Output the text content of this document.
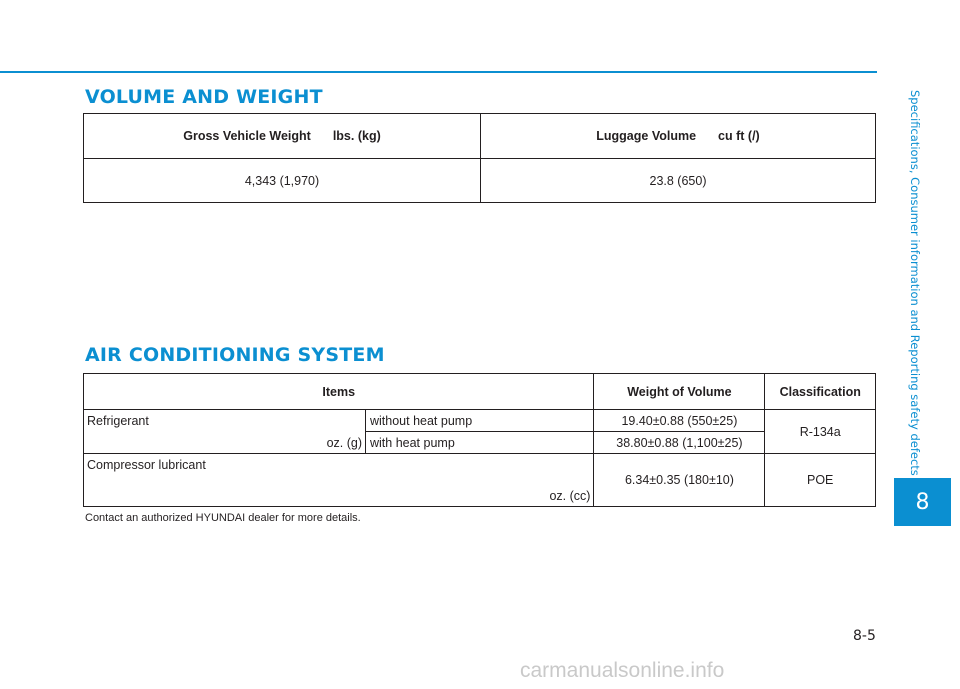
VOLUME AND WEIGHT
Gross Vehicle Weight lbs. (kg)	Luggage Volume cu ft (/)
4,343 (1,970)	23.8 (650)
AIR CONDITIONING SYSTEM
Items		Weight of Volume	Classification
Refrigerant
oz. (g)	without heat pump	19.40±0.88 (550±25)	R-134a
	with heat pump	38.80±0.88 (1,100±25)	
Compressor lubricant
oz. (cc)		6.34±0.35 (180±10)	POE

Contact an authorized HYUNDAI dealer for more details.

Specifications, Consumer information and Reporting safety defects
8
8-5
carmanualsonline.info
